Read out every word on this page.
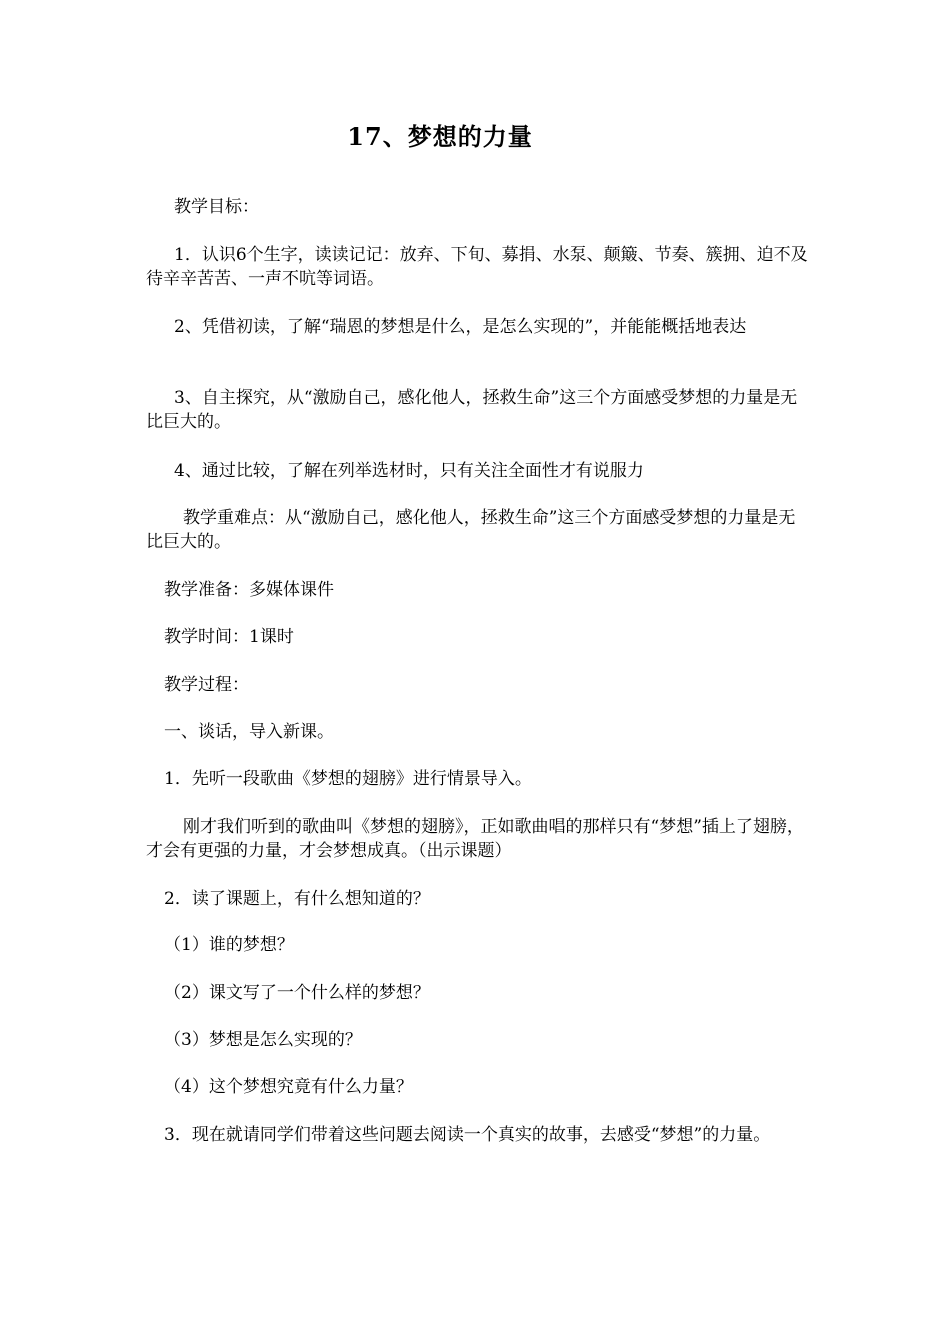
17、梦想的力量

教学目标：

1．认识6个生字，读读记记：放弃、下旬、募捐、水泵、颠簸、节奏、簇拥、迫不及待辛辛苦苦、一声不吭等词语。

2、凭借初读，了解“瑞恩的梦想是什么，是怎么实现的”，并能能概括地表达

3、自主探究，从“激励自己，感化他人，拯救生命”这三个方面感受梦想的力量是无比巨大的。

4、通过比较，了解在列举选材时，只有关注全面性才有说服力

教学重难点：从“激励自己，感化他人，拯救生命”这三个方面感受梦想的力量是无比巨大的。

教学准备：多媒体课件

教学时间：1课时

教学过程：

一、谈话，导入新课。

1．先听一段歌曲《梦想的翅膀》进行情景导入。

刚才我们听到的歌曲叫《梦想的翅膀》，正如歌曲唱的那样只有“梦想”插上了翅膀，才会有更强的力量，才会梦想成真。（出示课题）

2．读了课题上，有什么想知道的？

（1）谁的梦想？

（2）课文写了一个什么样的梦想？

（3）梦想是怎么实现的？

（4）这个梦想究竟有什么力量？

3．现在就请同学们带着这些问题去阅读一个真实的故事，去感受“梦想”的力量。
